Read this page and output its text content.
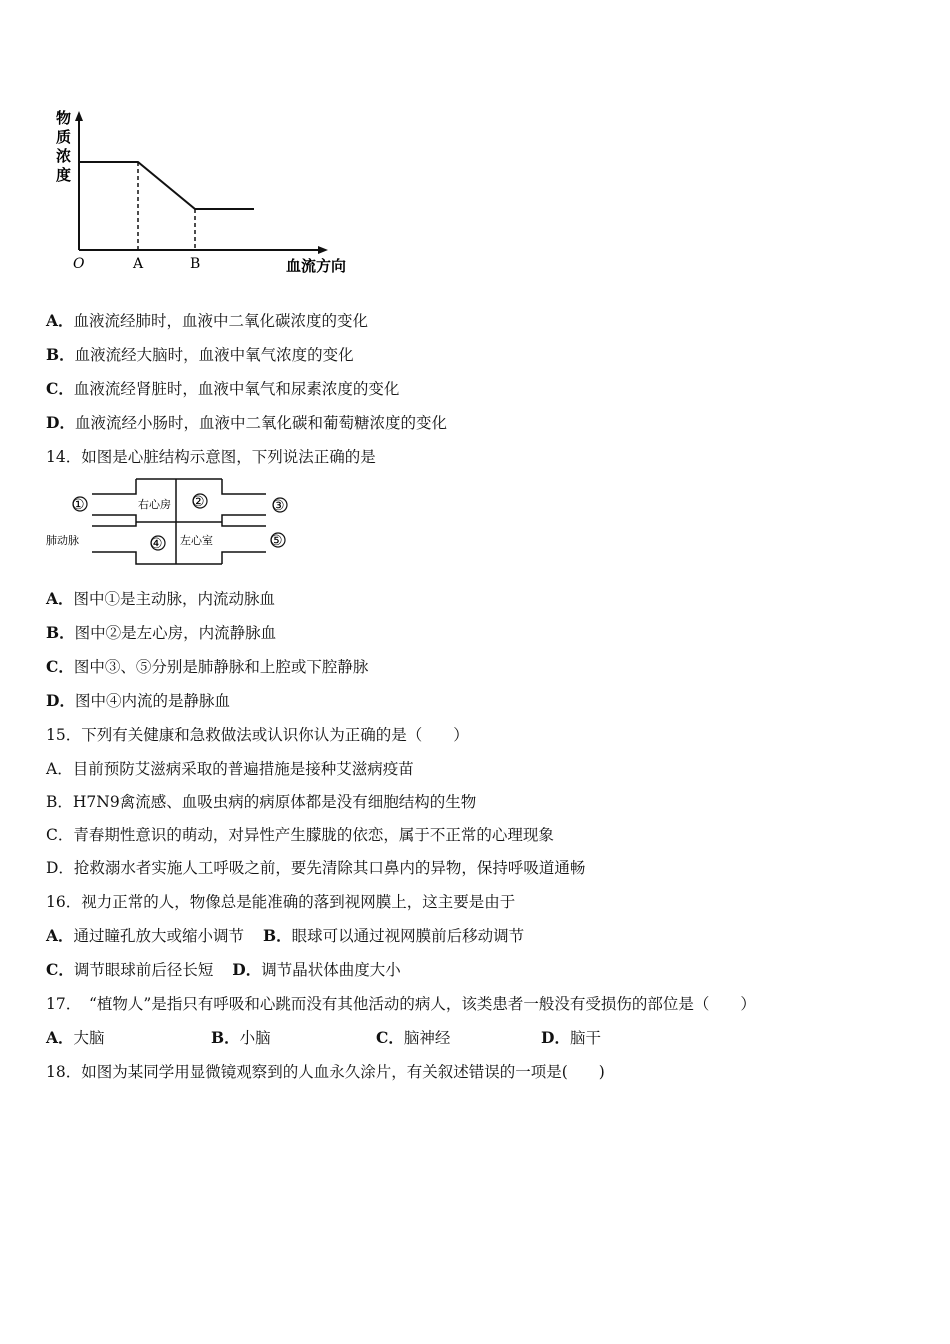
物
质
浓
度
O	A	B	血流方向
A．血液流经肺时，血液中二氧化碳浓度的变化
B．血液流经大脑时，血液中氧气浓度的变化
C．血液流经肾脏时，血液中氧气和尿素浓度的变化
D．血液流经小肠时，血液中二氧化碳和葡萄糖浓度的变化
14．如图是心脏结构示意图，下列说法正确的是
①	②	③
④	⑤
右心房
左心室
肺动脉
A．图中①是主动脉，内流动脉血
B．图中②是左心房，内流静脉血
C．图中③、⑤分别是肺静脉和上腔或下腔静脉
D．图中④内流的是静脉血
15．下列有关健康和急救做法或认识你认为正确的是（　　）
A．目前预防艾滋病采取的普遍措施是接种艾滋病疫苗
B．H7N9禽流感、血吸虫病的病原体都是没有细胞结构的生物
C．青春期性意识的萌动，对异性产生朦胧的依恋，属于不正常的心理现象
D．抢救溺水者实施人工呼吸之前，要先清除其口鼻内的异物，保持呼吸道通畅
16．视力正常的人，物像总是能准确的落到视网膜上，这主要是由于
A．通过瞳孔放大或缩小调节 B．眼球可以通过视网膜前后移动调节
C．调节眼球前后径长短 D．调节晶状体曲度大小
17．　“植物人”是指只有呼吸和心跳而没有其他活动的病人，该类患者一般没有受损伤的部位是（　　）
A．大脑	B．小脑	C．脑神经	D．脑干
18．如图为某同学用显微镜观察到的人血永久涂片，有关叙述错误的一项是(　　)
